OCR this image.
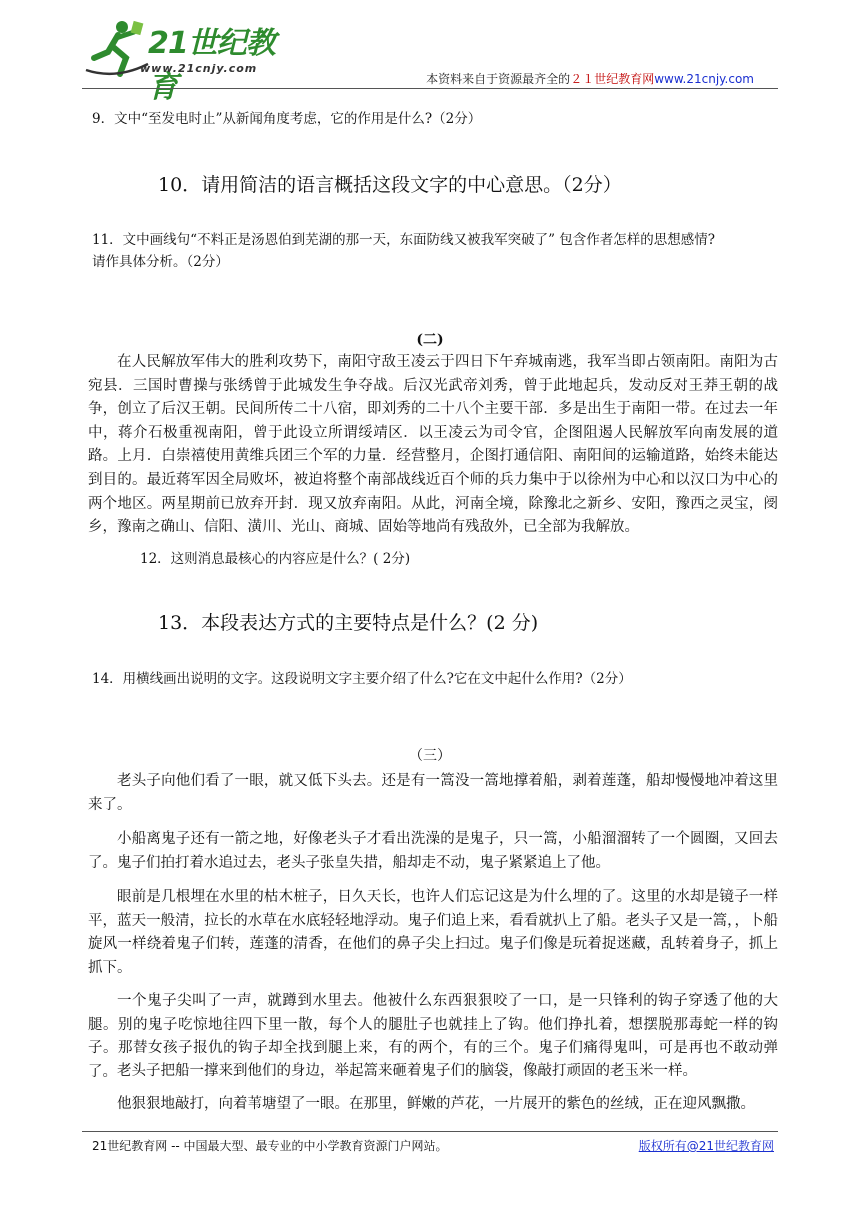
21世纪教育
www.21cnjy.com
本资料来自于资源最齐全的２１世纪教育网www.21cnjy.com
9．文中“至发电时止”从新闻角度考虑，它的作用是什么?（2分）
10．请用简洁的语言概括这段文字的中心意思。（2分）
11．文中画线句“不料正是汤恩伯到芜湖的那一天，东面防线又被我军突破了” 包含作者怎样的思想感情?
请作具体分析。（2分）
(二)
在人民解放军伟大的胜利攻势下，南阳守敌王凌云于四日下午弃城南逃，我军当即占领南阳。南阳为古宛县．三国时曹操与张绣曾于此城发生争夺战。后汉光武帝刘秀，曾于此地起兵，发动反对王莽王朝的战争，创立了后汉王朝。民间所传二十八宿，即刘秀的二十八个主要干部．多是出生于南阳一带。在过去一年中，蒋介石极重视南阳，曾于此设立所谓绥靖区．以王凌云为司令官，企图阻遏人民解放军向南发展的道路。上月．白崇禧使用黄维兵团三个军的力量．经营整月，企图打通信阳、南阳间的运输道路，始终未能达到目的。最近蒋军因全局败坏，被迫将整个南部战线近百个师的兵力集中于以徐州为中心和以汉口为中心的两个地区。两星期前已放弃开封．现又放弃南阳。从此，河南全境，除豫北之新乡、安阳，豫西之灵宝，阌乡，豫南之确山、信阳、潢川、光山、商城、固始等地尚有残敌外，已全部为我解放。
12．这则消息最核心的内容应是什么？( 2分)
13．本段表达方式的主要特点是什么？(2 分)
14．用横线画出说明的文字。这段说明文字主要介绍了什么?它在文中起什么作用?（2分）
（三）
老头子向他们看了一眼，就又低下头去。还是有一篙没一篙地撑着船，剥着莲蓬，船却慢慢地冲着这里来了。
小船离鬼子还有一箭之地，好像老头子才看出洗澡的是鬼子，只一篙，小船溜溜转了一个圆圈，又回去了。鬼子们拍打着水追过去，老头子张皇失措，船却走不动，鬼子紧紧追上了他。
眼前是几根埋在水里的枯木桩子，日久天长，也许人们忘记这是为什么埋的了。这里的水却是镜子一样平，蓝天一般清，拉长的水草在水底轻轻地浮动。鬼子们追上来，看看就扒上了船。老头子又是一篙，，卜船旋风一样绕着鬼子们转，莲蓬的清香，在他们的鼻子尖上扫过。鬼子们像是玩着捉迷藏，乱转着身子，抓上抓下。
一个鬼子尖叫了一声，就蹲到水里去。他被什么东西狠狠咬了一口，是一只锋利的钩子穿透了他的大腿。别的鬼子吃惊地往四下里一散，每个人的腿肚子也就挂上了钩。他们挣扎着，想摆脱那毒蛇一样的钩子。那替女孩子报仇的钩子却全找到腿上来，有的两个，有的三个。鬼子们痛得鬼叫，可是再也不敢动弹了。 老头子把船一撑来到他们的身边，举起篙来砸着鬼子们的脑袋，像敲打顽固的老玉米一样。
他狠狠地敲打，向着苇塘望了一眼。在那里，鲜嫩的芦花，一片展开的紫色的丝绒，正在迎风飘撒。
21世纪教育网 -- 中国最大型、最专业的中小学教育资源门户网站。	版权所有@21世纪教育网
